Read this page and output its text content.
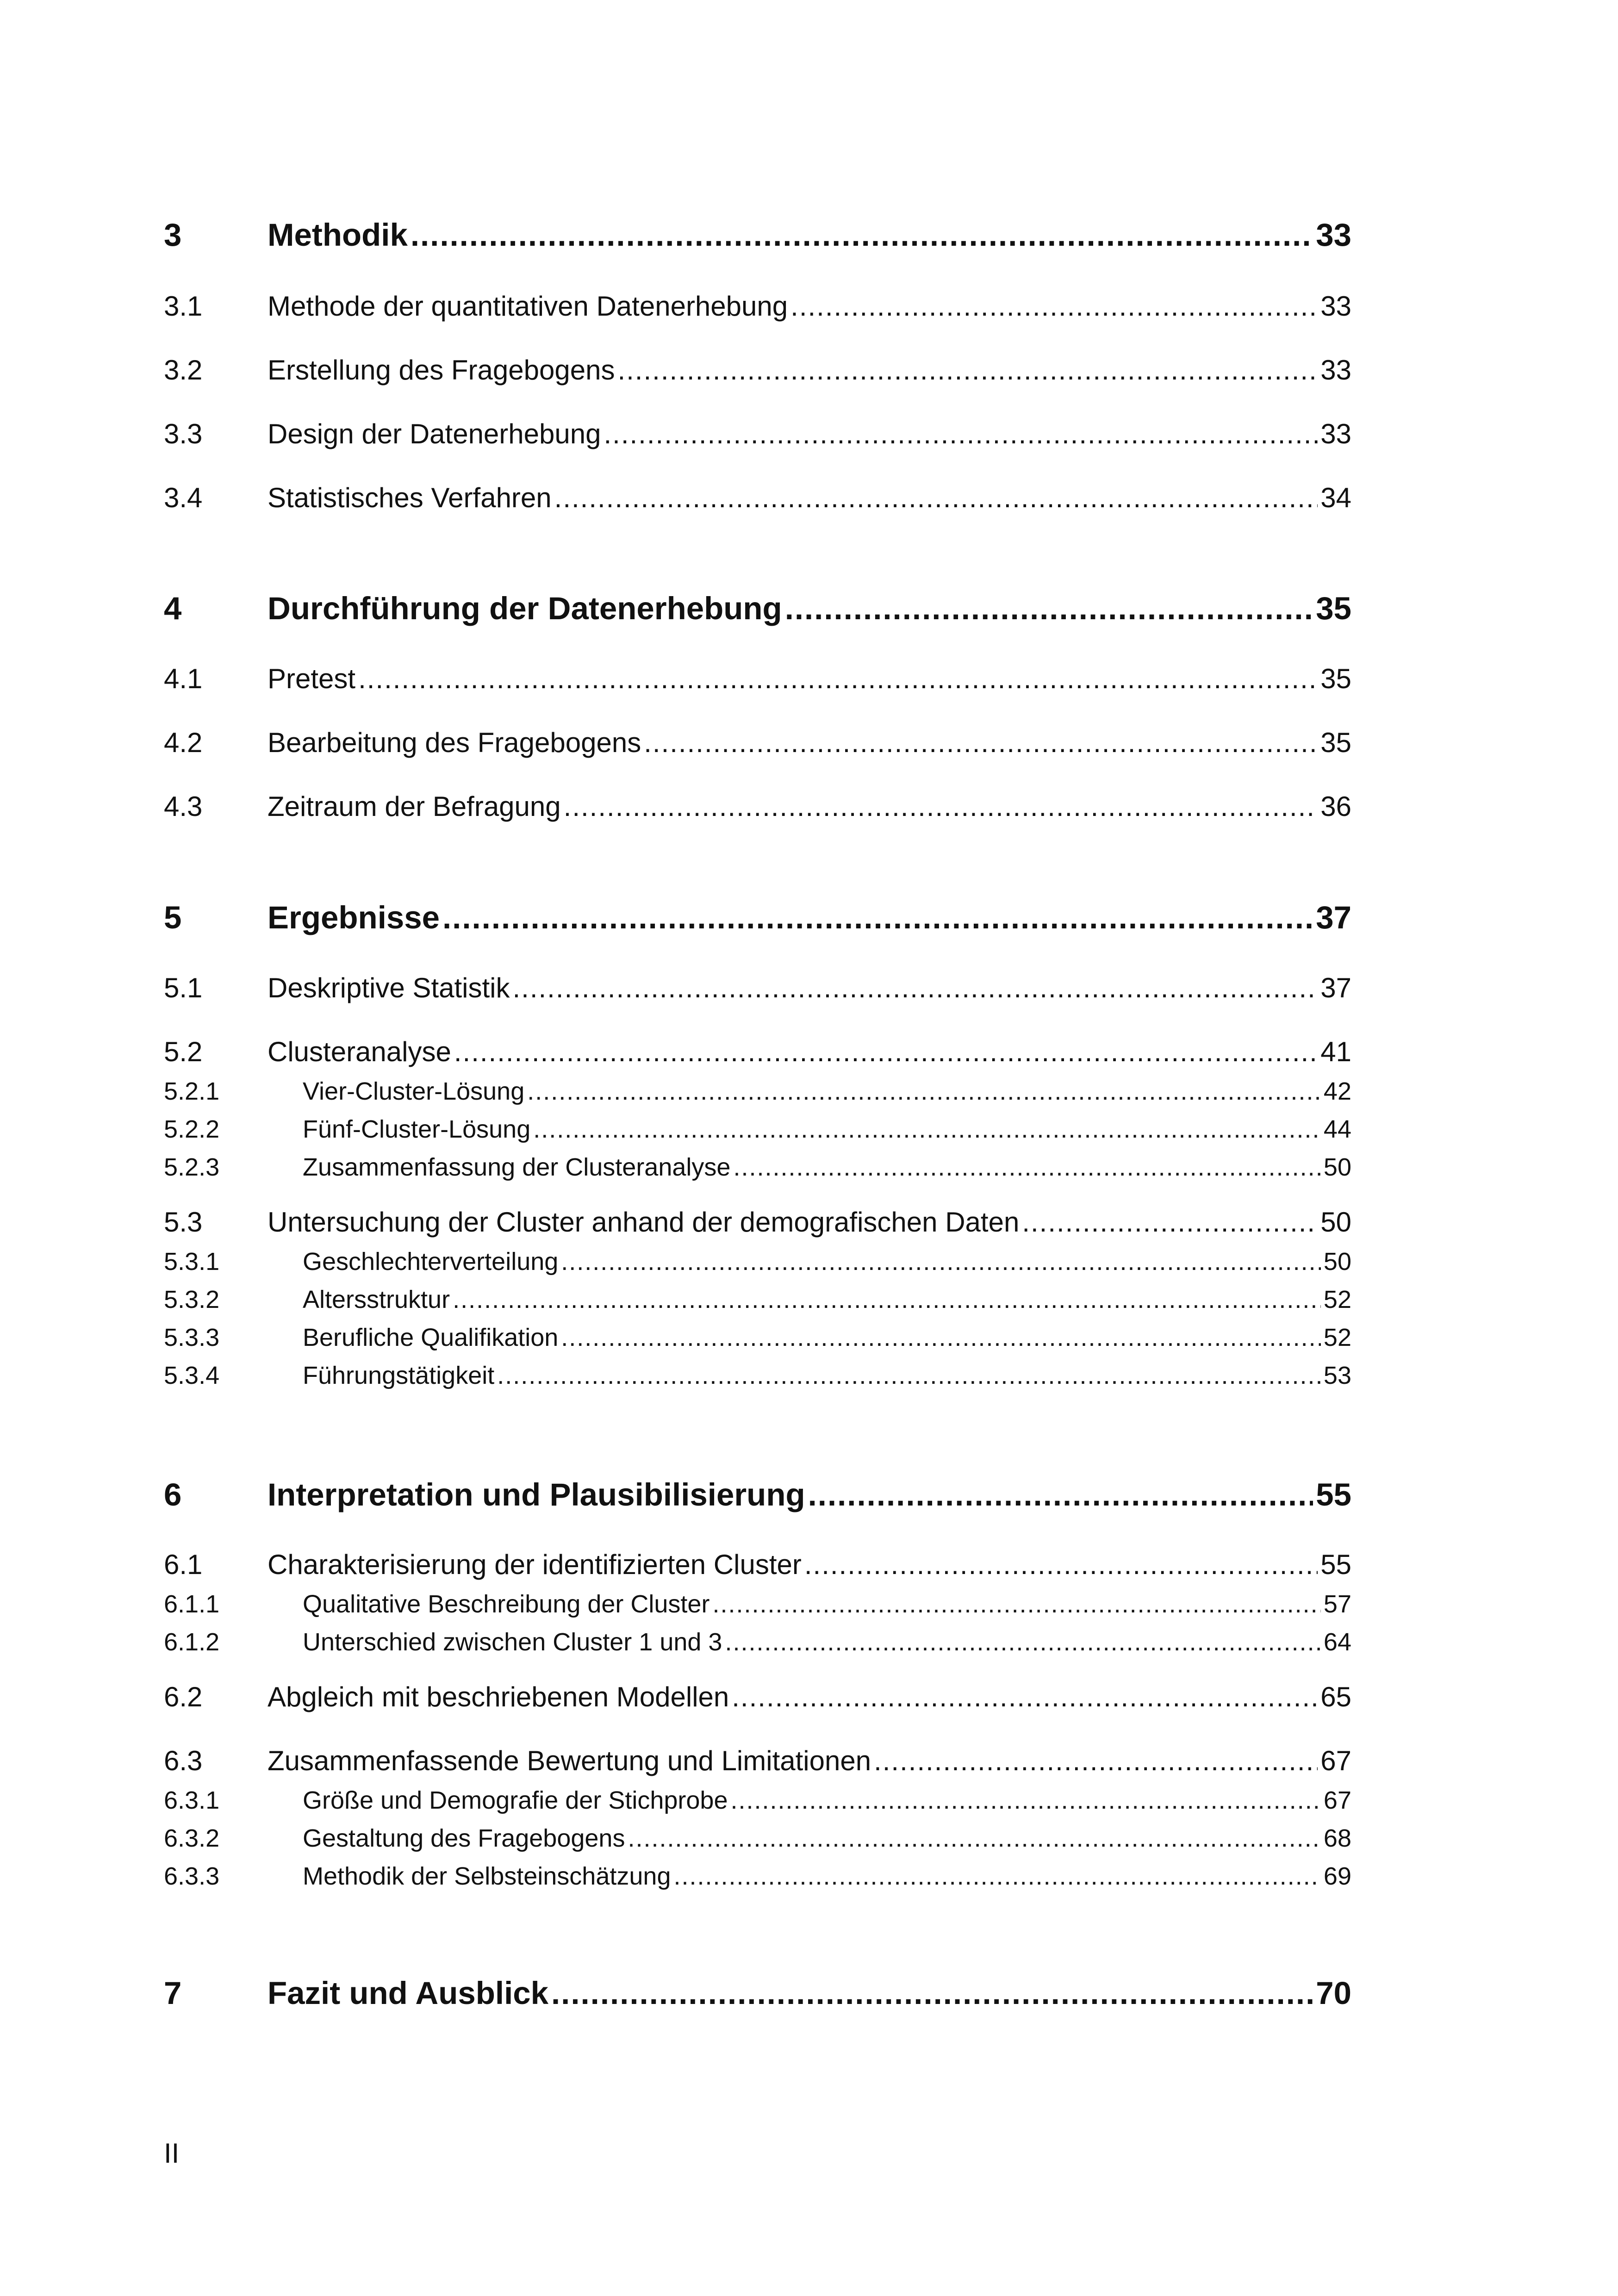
3	Methodik .....	33
3.1	Methode der quantitativen Datenerhebung .....	33
3.2	Erstellung des Fragebogens .....	33
3.3	Design der Datenerhebung .....	33
3.4	Statistisches Verfahren .....	34
4	Durchführung der Datenerhebung .....	35
4.1	Pretest .....	35
4.2	Bearbeitung des Fragebogens .....	35
4.3	Zeitraum der Befragung .....	36
5	Ergebnisse .....	37
5.1	Deskriptive Statistik .....	37
5.2	Clusteranalyse .....	41
5.2.1	Vier-Cluster-Lösung .....	42
5.2.2	Fünf-Cluster-Lösung .....	44
5.2.3	Zusammenfassung der Clusteranalyse .....	50
5.3	Untersuchung der Cluster anhand der demografischen Daten .....	50
5.3.1	Geschlechterverteilung .....	50
5.3.2	Altersstruktur .....	52
5.3.3	Berufliche Qualifikation .....	52
5.3.4	Führungstätigkeit .....	53
6	Interpretation und Plausibilisierung .....	55
6.1	Charakterisierung der identifizierten Cluster .....	55
6.1.1	Qualitative Beschreibung der Cluster .....	57
6.1.2	Unterschied zwischen Cluster 1 und 3 .....	64
6.2	Abgleich mit beschriebenen Modellen .....	65
6.3	Zusammenfassende Bewertung und Limitationen .....	67
6.3.1	Größe und Demografie der Stichprobe .....	67
6.3.2	Gestaltung des Fragebogens .....	68
6.3.3	Methodik der Selbsteinschätzung .....	69
7	Fazit und Ausblick .....	70
II
